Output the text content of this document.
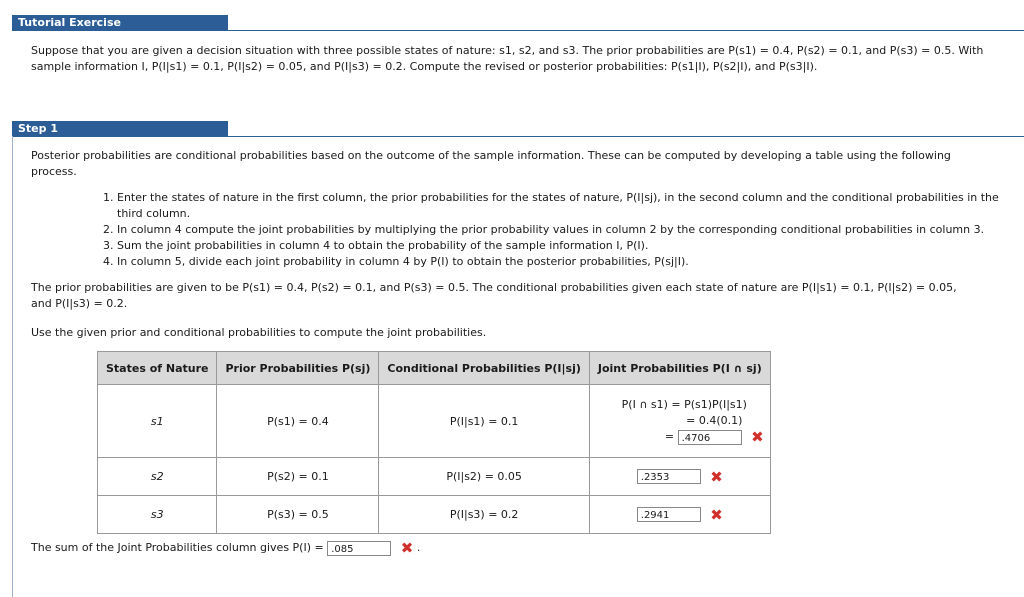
Tutorial Exercise
Suppose that you are given a decision situation with three possible states of nature: s1, s2, and s3. The prior probabilities are P(s1) = 0.4, P(s2) = 0.1, and P(s3) = 0.5. With
sample information I, P(I|s1) = 0.1, P(I|s2) = 0.05, and P(I|s3) = 0.2. Compute the revised or posterior probabilities: P(s1|I), P(s2|I), and P(s3|I).
Step 1
Posterior probabilities are conditional probabilities based on the outcome of the sample information. These can be computed by developing a table using the following
process.
1. Enter the states of nature in the first column, the prior probabilities for the states of nature, P(I|sj), in the second column and the conditional probabilities in the third column.
2. In column 4 compute the joint probabilities by multiplying the prior probability values in column 2 by the corresponding conditional probabilities in column 3.
3. Sum the joint probabilities in column 4 to obtain the probability of the sample information I, P(I).
4. In column 5, divide each joint probability in column 4 by P(I) to obtain the posterior probabilities, P(sj|I).
The prior probabilities are given to be P(s1) = 0.4, P(s2) = 0.1, and P(s3) = 0.5. The conditional probabilities given each state of nature are P(I|s1) = 0.1, P(I|s2) = 0.05,
and P(I|s3) = 0.2.
Use the given prior and conditional probabilities to compute the joint probabilities.
States of Nature	Prior Probabilities P(sj)	Conditional Probabilities P(I|sj)	Joint Probabilities P(I ∩ sj)
s1	P(s1) = 0.4	P(I|s1) = 0.1	P(I ∩ s1) = P(s1)P(I|s1)
= 0.4(0.1)
= .4706 ✖

s2	P(s2) = 0.1	P(I|s2) = 0.05	.2353 ✖
s3	P(s3) = 0.5	P(I|s3) = 0.2	.2941 ✖
The sum of the Joint Probabilities column gives P(I) = .085	✖ .
